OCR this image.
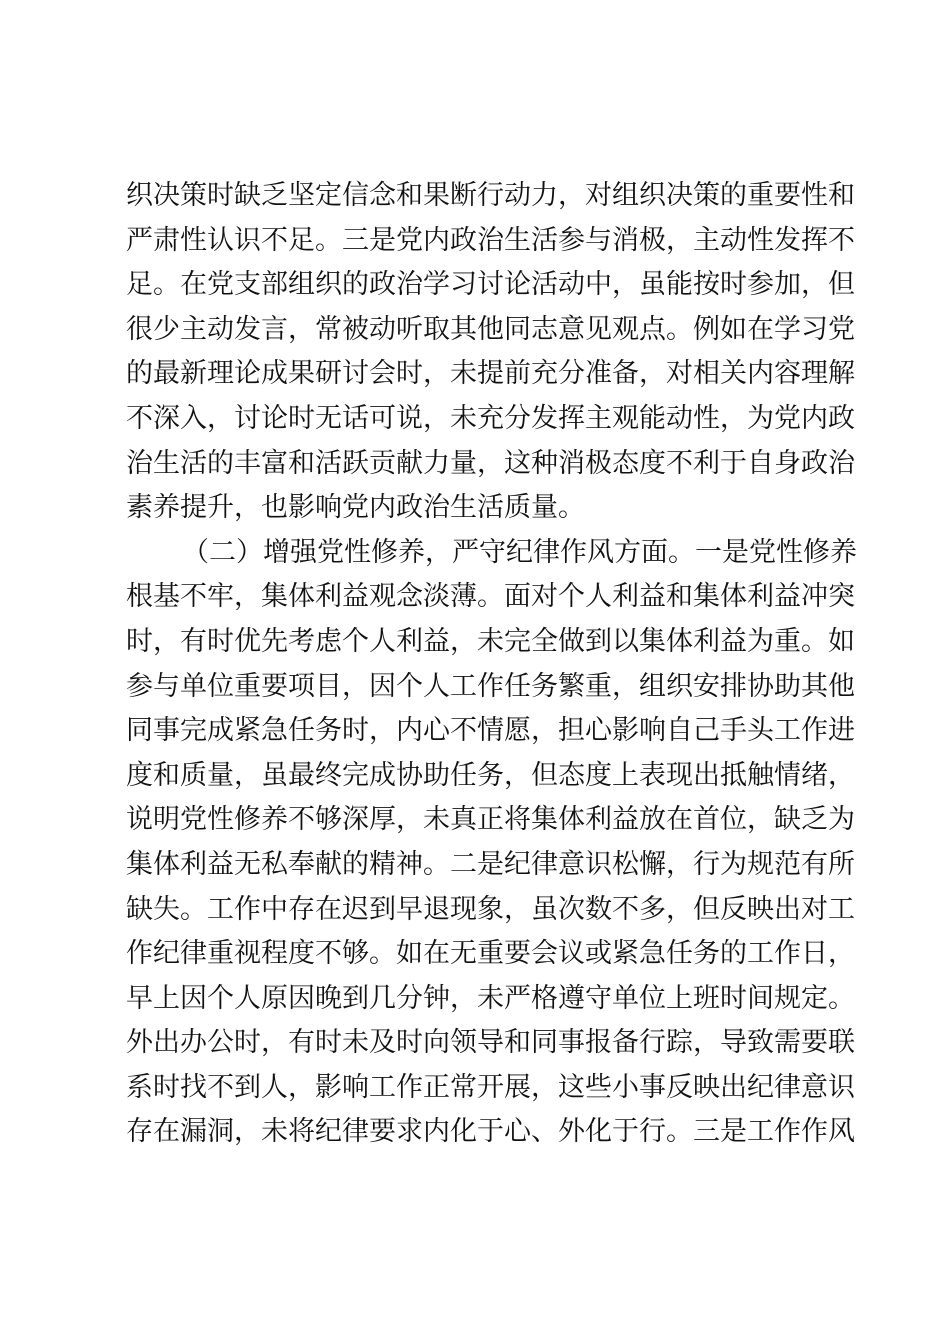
织决策时缺乏坚定信念和果断行动力，对组织决策的重要性和
严肃性认识不足。三是党内政治生活参与消极，主动性发挥不
足。在党支部组织的政治学习讨论活动中，虽能按时参加，但
很少主动发言，常被动听取其他同志意见观点。例如在学习党
的最新理论成果研讨会时，未提前充分准备，对相关内容理解
不深入，讨论时无话可说，未充分发挥主观能动性，为党内政
治生活的丰富和活跃贡献力量，这种消极态度不利于自身政治
素养提升，也影响党内政治生活质量。
（二）增强党性修养，严守纪律作风方面。一是党性修养
根基不牢，集体利益观念淡薄。面对个人利益和集体利益冲突
时，有时优先考虑个人利益，未完全做到以集体利益为重。如
参与单位重要项目，因个人工作任务繁重，组织安排协助其他
同事完成紧急任务时，内心不情愿，担心影响自己手头工作进
度和质量，虽最终完成协助任务，但态度上表现出抵触情绪，
说明党性修养不够深厚，未真正将集体利益放在首位，缺乏为
集体利益无私奉献的精神。二是纪律意识松懈，行为规范有所
缺失。工作中存在迟到早退现象，虽次数不多，但反映出对工
作纪律重视程度不够。如在无重要会议或紧急任务的工作日，
早上因个人原因晚到几分钟，未严格遵守单位上班时间规定。
外出办公时，有时未及时向领导和同事报备行踪，导致需要联
系时找不到人，影响工作正常开展，这些小事反映出纪律意识
存在漏洞，未将纪律要求内化于心、外化于行。三是工作作风
